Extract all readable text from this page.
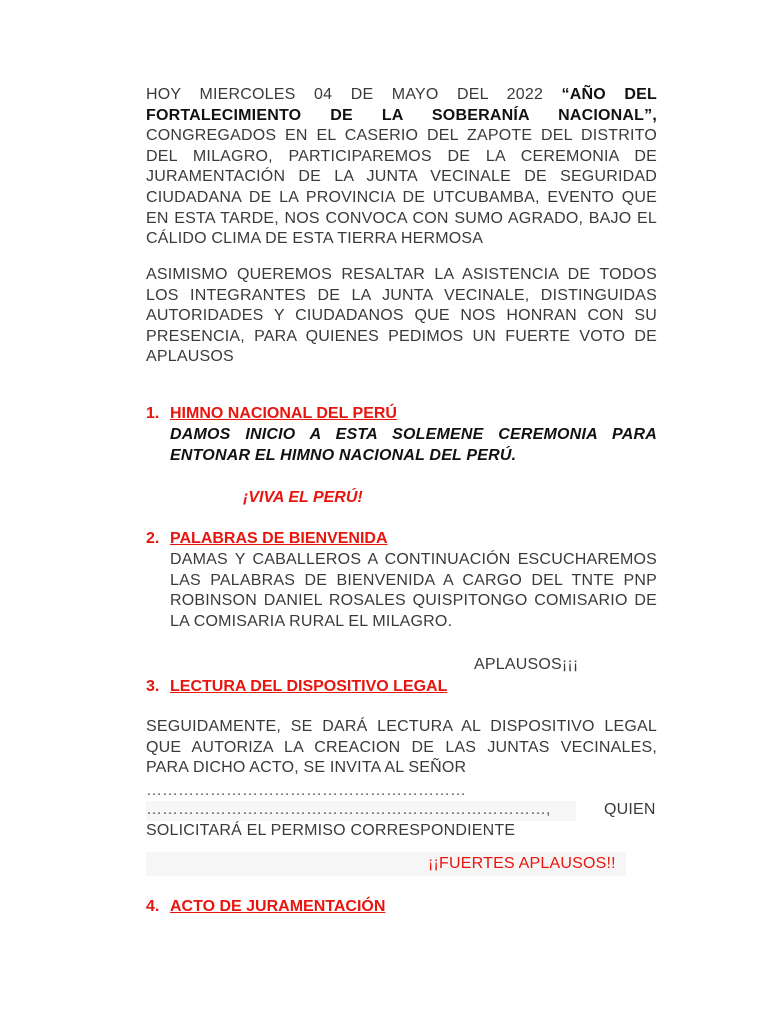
HOY MIERCOLES 04 DE MAYO DEL 2022 “AÑO DEL FORTALECIMIENTO DE LA SOBERANÍA NACIONAL”, CONGREGADOS EN EL CASERIO DEL ZAPOTE DEL DISTRITO DEL MILAGRO, PARTICIPAREMOS DE LA CEREMONIA DE JURAMENTACIÓN DE LA JUNTA VECINALE DE SEGURIDAD CIUDADANA DE LA PROVINCIA DE UTCUBAMBA, EVENTO QUE EN ESTA TARDE, NOS CONVOCA CON SUMO AGRADO, BAJO EL CÁLIDO CLIMA DE ESTA TIERRA HERMOSA
ASIMISMO QUEREMOS RESALTAR LA ASISTENCIA DE TODOS LOS INTEGRANTES DE LA JUNTA VECINALE, DISTINGUIDAS AUTORIDADES Y CIUDADANOS QUE NOS HONRAN CON SU PRESENCIA, PARA QUIENES PEDIMOS UN FUERTE VOTO DE APLAUSOS
1. HIMNO NACIONAL DEL PERÚ
DAMOS INICIO A ESTA SOLEMENE CEREMONIA PARA ENTONAR EL HIMNO NACIONAL DEL PERÚ.
¡VIVA EL PERÚ!
2. PALABRAS DE BIENVENIDA
DAMAS Y CABALLEROS A CONTINUACIÓN ESCUCHAREMOS LAS PALABRAS DE BIENVENIDA A CARGO DEL TNTE PNP ROBINSON DANIEL ROSALES QUISPITONGO COMISARIO DE LA COMISARIA RURAL EL MILAGRO.
APLAUSOS¡¡¡
3. LECTURA DEL DISPOSITIVO LEGAL
SEGUIDAMENTE, SE DARÁ LECTURA AL DISPOSITIVO LEGAL QUE AUTORIZA LA CREACION DE LAS JUNTAS VECINALES, PARA DICHO ACTO, SE INVITA AL SEÑOR
……………………………………………………
…………………………………………………………………,	QUIEN
SOLICITARÁ EL PERMISO CORRESPONDIENTE
¡¡FUERTES APLAUSOS!!
4. ACTO DE JURAMENTACIÓN
